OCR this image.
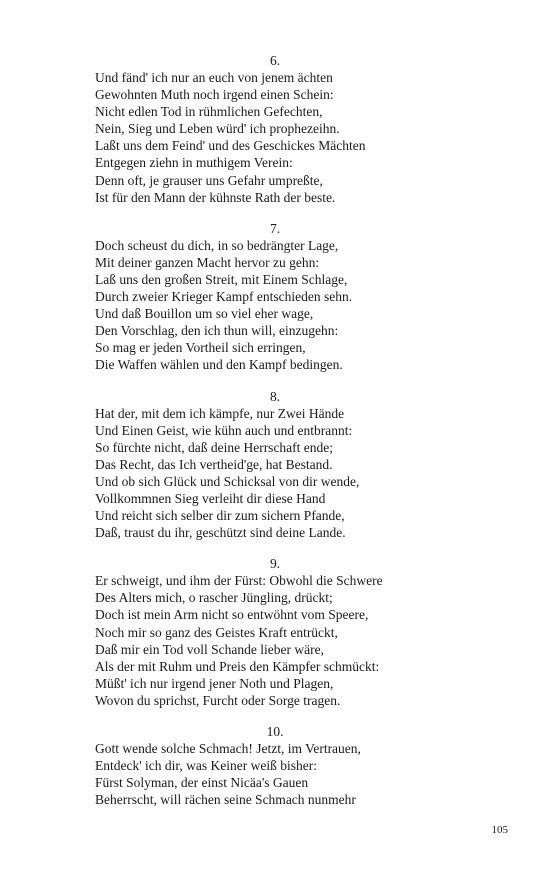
6.
Und fänd' ich nur an euch von jenem ächten
Gewohnten Muth noch irgend einen Schein:
Nicht edlen Tod in rühmlichen Gefechten,
Nein, Sieg und Leben würd' ich prophezeihn.
Laßt uns dem Feind' und des Geschickes Mächten
Entgegen ziehn in muthigem Verein:
Denn oft, je grauser uns Gefahr umpreßte,
Ist für den Mann der kühnste Rath der beste.
7.
Doch scheust du dich, in so bedrängter Lage,
Mit deiner ganzen Macht hervor zu gehn:
Laß uns den großen Streit, mit Einem Schlage,
Durch zweier Krieger Kampf entschieden sehn.
Und daß Bouillon um so viel eher wage,
Den Vorschlag, den ich thun will, einzugehn:
So mag er jeden Vortheil sich erringen,
Die Waffen wählen und den Kampf bedingen.
8.
Hat der, mit dem ich kämpfe, nur Zwei Hände
Und Einen Geist, wie kühn auch und entbrannt:
So fürchte nicht, daß deine Herrschaft ende;
Das Recht, das Ich vertheid'ge, hat Bestand.
Und ob sich Glück und Schicksal von dir wende,
Vollkommnen Sieg verleiht dir diese Hand
Und reicht sich selber dir zum sichern Pfande,
Daß, traust du ihr, geschützt sind deine Lande.
9.
Er schweigt, und ihm der Fürst: Obwohl die Schwere
Des Alters mich, o rascher Jüngling, drückt;
Doch ist mein Arm nicht so entwöhnt vom Speere,
Noch mir so ganz des Geistes Kraft entrückt,
Daß mir ein Tod voll Schande lieber wäre,
Als der mit Ruhm und Preis den Kämpfer schmückt:
Müßt' ich nur irgend jener Noth und Plagen,
Wovon du sprichst, Furcht oder Sorge tragen.
10.
Gott wende solche Schmach! Jetzt, im Vertrauen,
Entdeck' ich dir, was Keiner weiß bisher:
Fürst Solyman, der einst Nicäa's Gauen
Beherrscht, will rächen seine Schmach nunmehr
105
